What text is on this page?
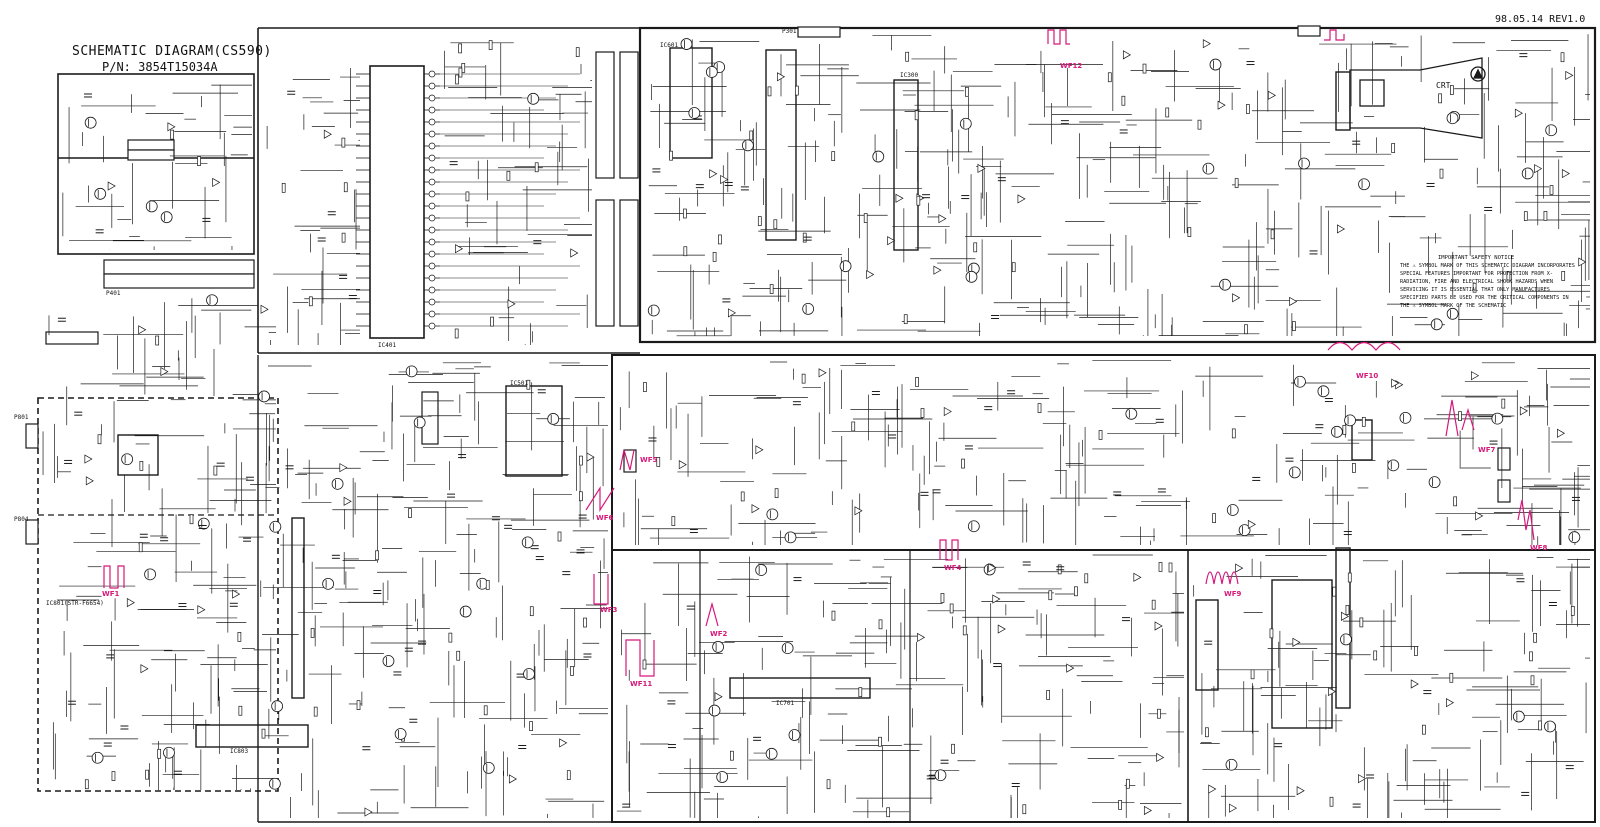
SCHEMATIC DIAGRAM(CS590)
P/N: 3854T15034A
98.05.14 REV1.0
CRT
IC401
IC501
IC701
IC601
IC801(STR-F6654)
IC300
IC803
P401
P301
P801
P804
WF1
WF2
WF3
WF4
WF5
WF6
WF7
WF8
WF9
WF10
WF11
WF12
IMPORTANT SAFETY NOTICE
THE ⚠ SYMBOL MARK OF THIS SCHEMATIC DIAGRAM INCORPORATES SPECIAL FEATURES IMPORTANT FOR PROTECTION FROM X-RADIATION, FIRE AND ELECTRICAL SHOCK HAZARDS WHEN SERVICING IT IS ESSENTIAL THAT ONLY MANUFACTURES SPECIFIED PARTS BE USED FOR THE CRITICAL COMPONENTS IN THE ⚠ SYMBOL MARK OF THE SCHEMATIC
